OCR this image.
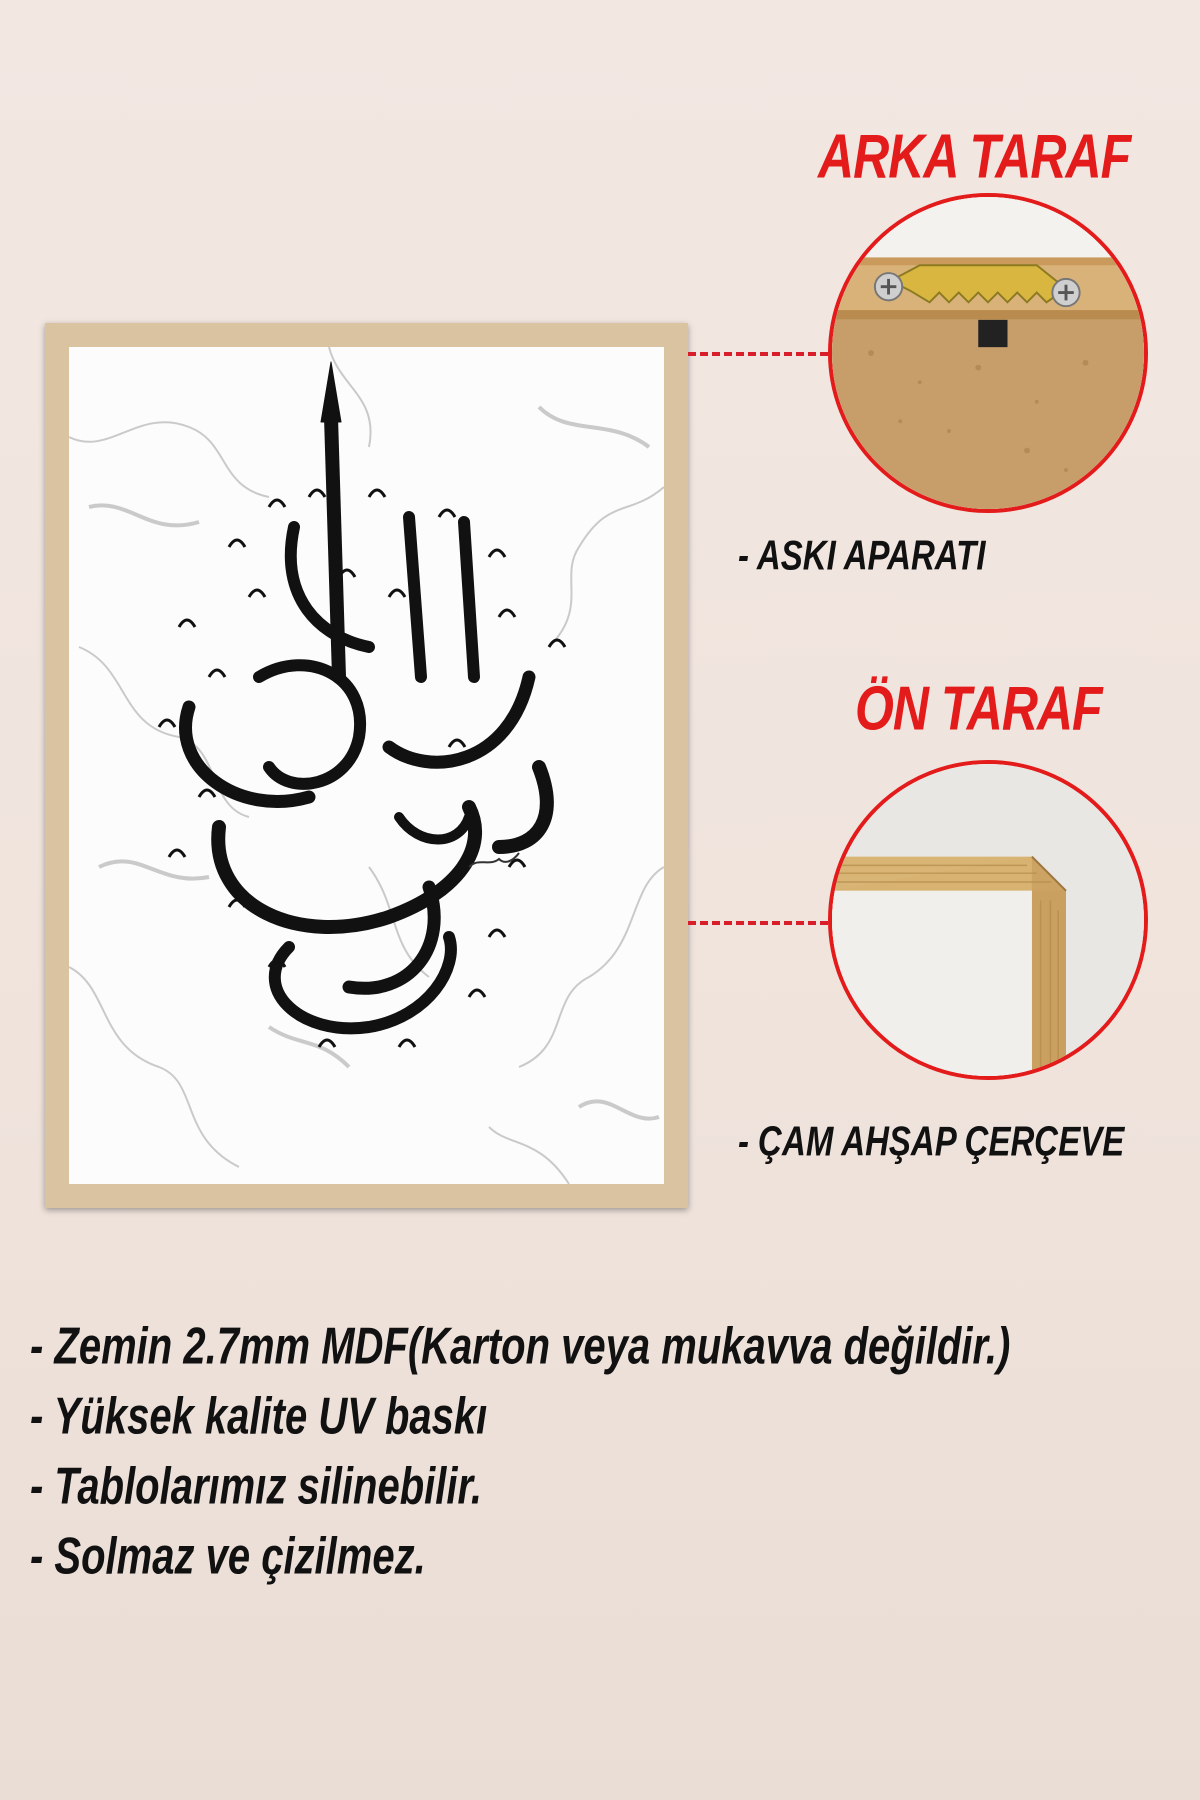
ARKA TARAF
ÖN TARAF

- ASKI APARATI

- ÇAM AHŞAP ÇERÇEVE

- Zemin 2.7mm MDF(Karton veya mukavva değildir.)

- Yüksek kalite UV baskı

- Tablolarımız silinebilir.

- Solmaz ve çizilmez.
